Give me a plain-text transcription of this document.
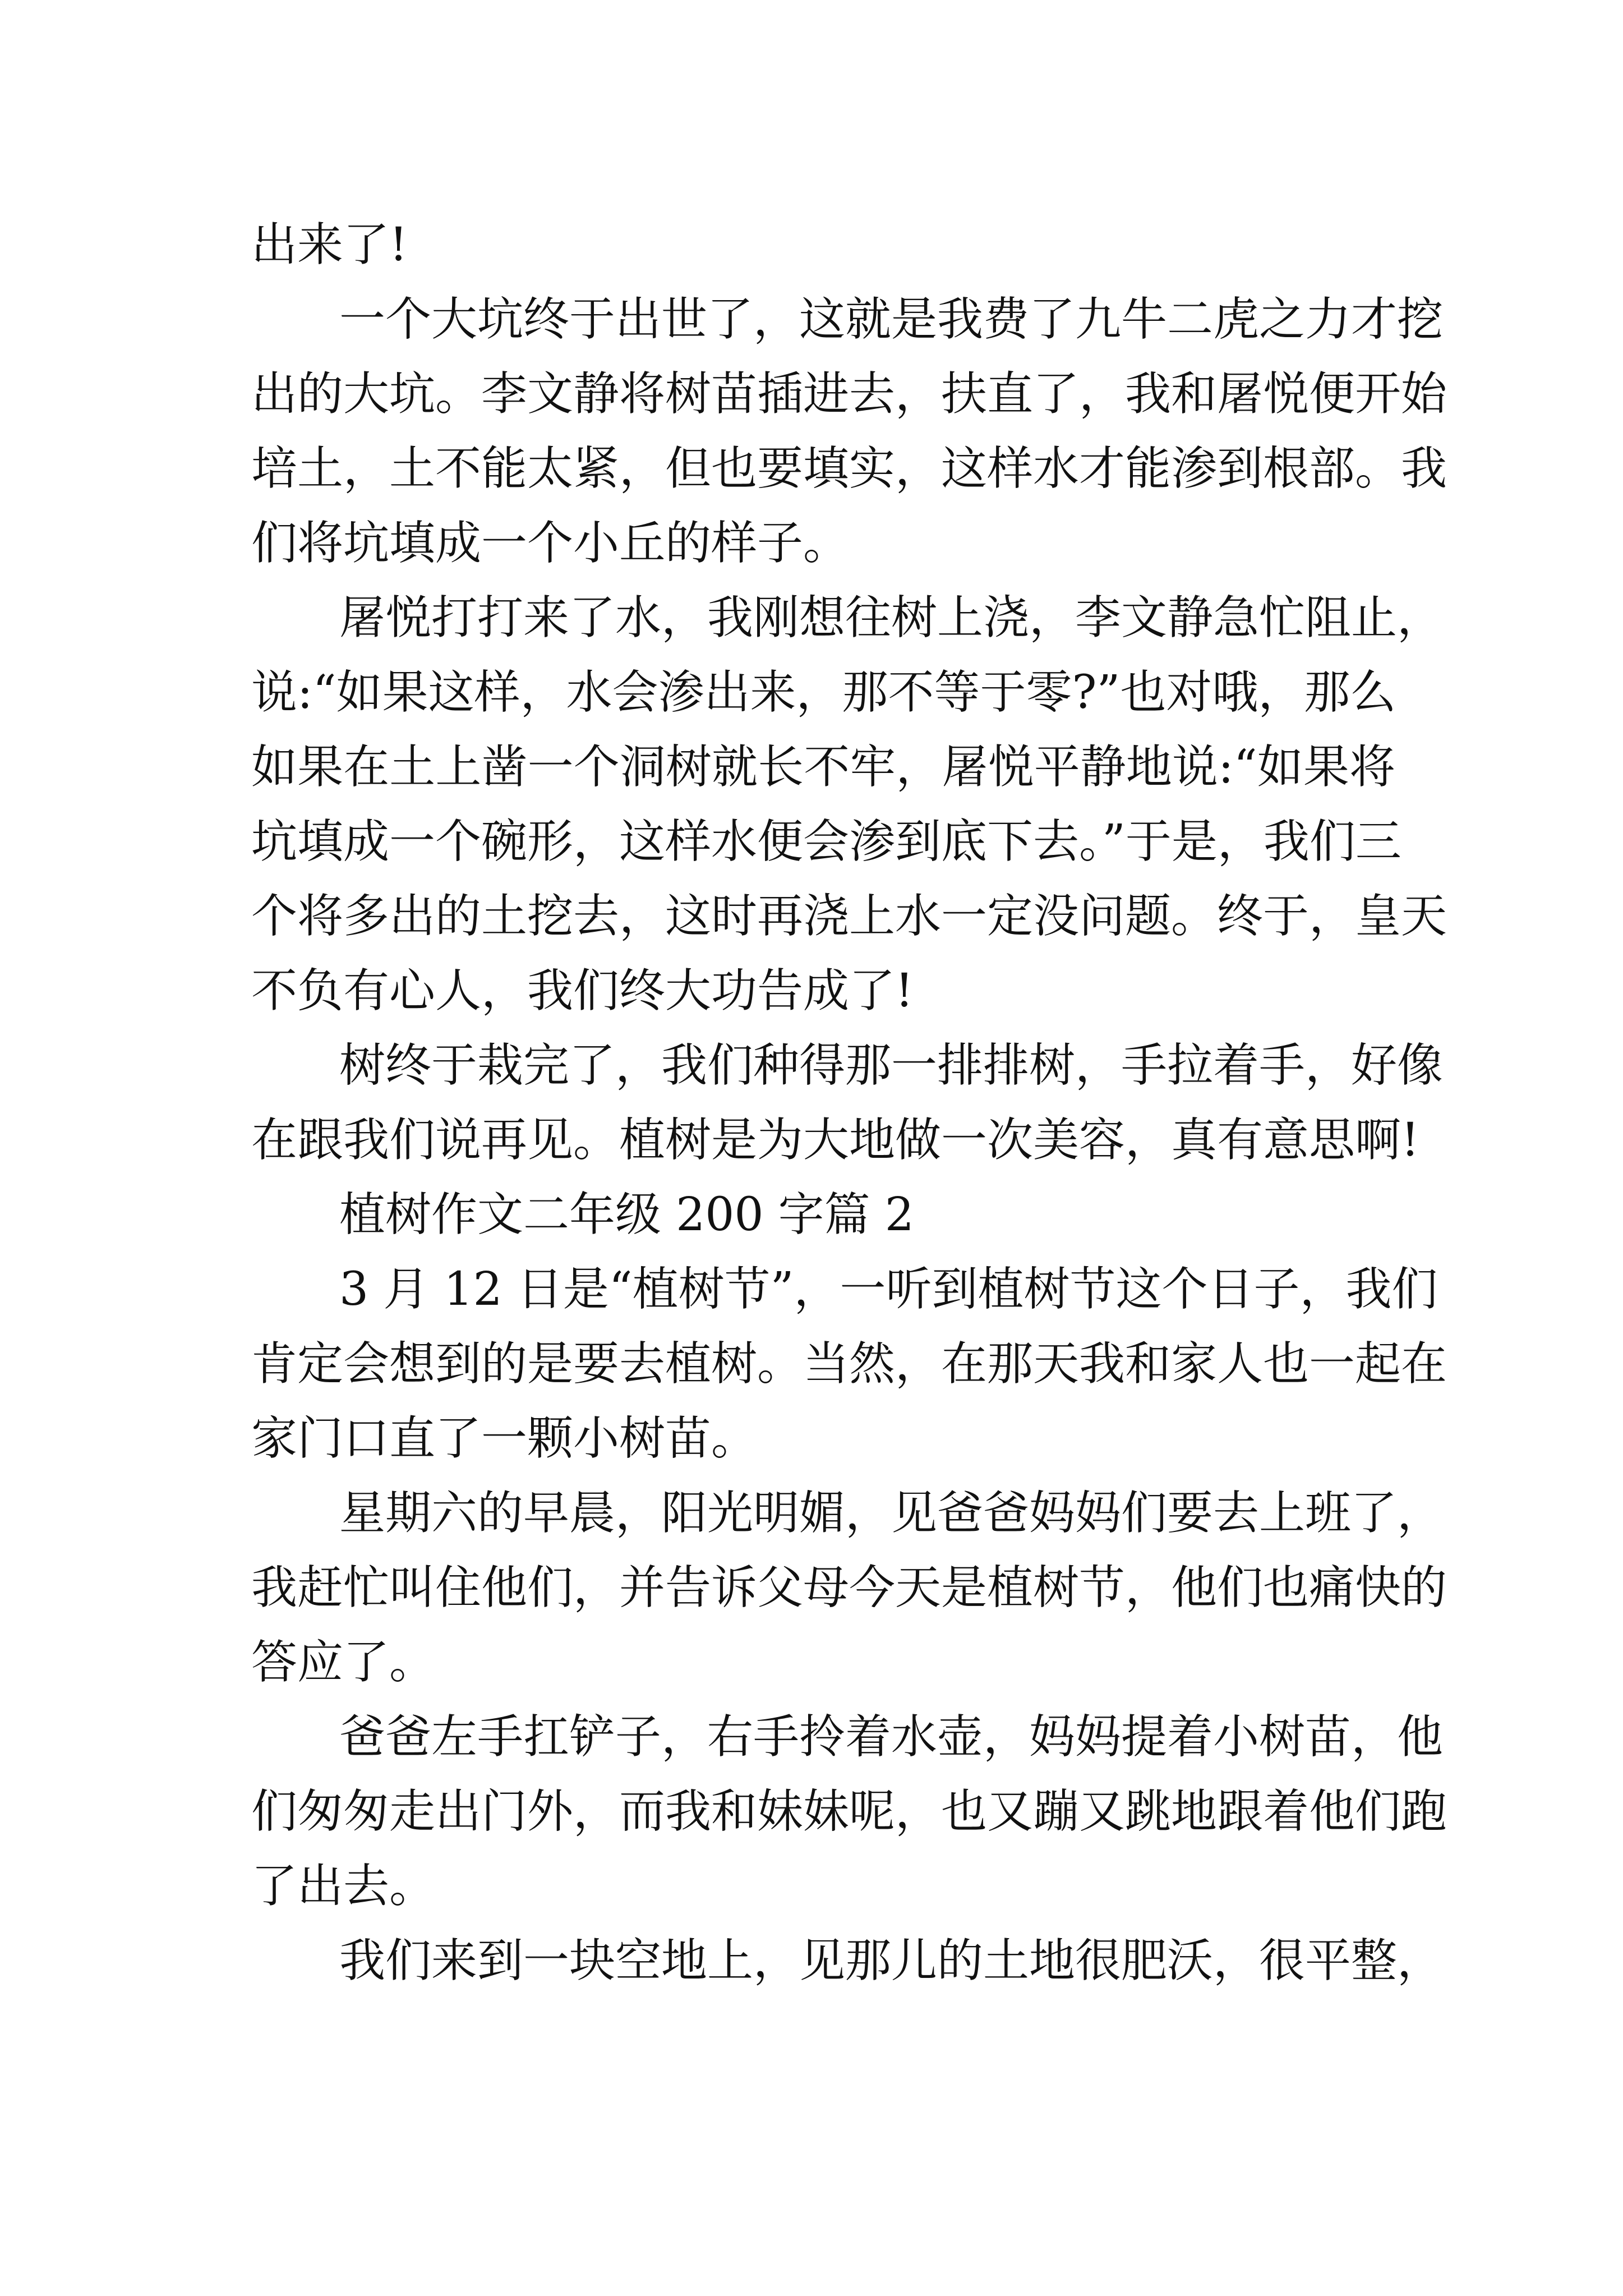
出来了!
一个大坑终于出世了，这就是我费了九牛二虎之力才挖
出的大坑。李文静将树苗插进去，扶直了，我和屠悦便开始
培土，土不能太紧，但也要填实，这样水才能渗到根部。我
们将坑填成一个小丘的样子。
屠悦打打来了水，我刚想往树上浇，李文静急忙阻止，
说:“如果这样，水会渗出来，那不等于零?”也对哦，那么
如果在土上凿一个洞树就长不牢，屠悦平静地说:“如果将
坑填成一个碗形，这样水便会渗到底下去。”于是，我们三
个将多出的土挖去，这时再浇上水一定没问题。终于，皇天
不负有心人，我们终大功告成了!
树终于栽完了，我们种得那一排排树，手拉着手，好像
在跟我们说再见。植树是为大地做一次美容，真有意思啊!
植树作文二年级 200 字篇 2
3 月 12 日是“植树节”，一听到植树节这个日子，我们
肯定会想到的是要去植树。当然，在那天我和家人也一起在
家门口直了一颗小树苗。
星期六的早晨，阳光明媚，见爸爸妈妈们要去上班了，
我赶忙叫住他们，并告诉父母今天是植树节，他们也痛快的
答应了。
爸爸左手扛铲子，右手拎着水壶，妈妈提着小树苗，他
们匆匆走出门外，而我和妹妹呢，也又蹦又跳地跟着他们跑
了出去。
我们来到一块空地上，见那儿的土地很肥沃，很平整，
